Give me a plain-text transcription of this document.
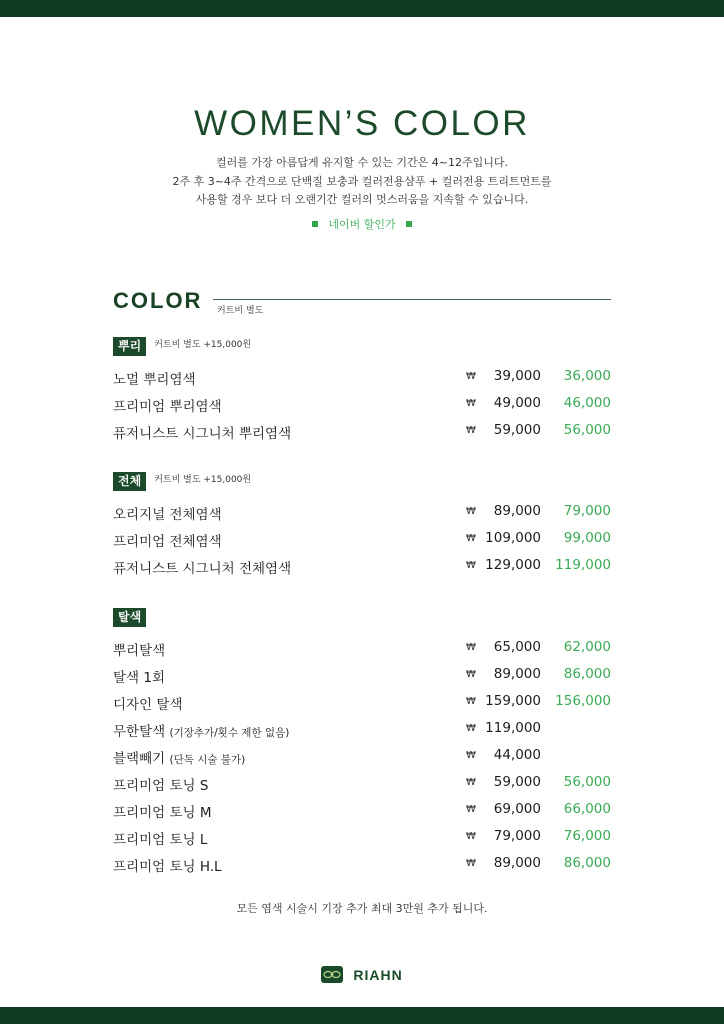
WOMEN’S COLOR
컬러를 가장 아름답게 유지할 수 있는 기간은 4~12주입니다.
2주 후 3~4주 간격으로 단백질 보충과 컬러전용샴푸 + 컬러전용 트리트먼트를
사용할 경우 보다 더 오랜기간 컬러의 멋스러움을 지속할 수 있습니다.
네이버 할인가
COLOR 커트비 별도
뿌리 커트비 별도 +15,000원
노멀 뿌리염색	₩ 39,000 36,000
프리미엄 뿌리염색	₩ 49,000 46,000
퓨저니스트 시그니처 뿌리염색	₩ 59,000 56,000
전체 커트비 별도 +15,000원
오리지널 전체염색	₩ 89,000 79,000
프리미엄 전체염색	₩ 109,000 99,000
퓨저니스트 시그니처 전체염색	₩ 129,000 119,000
탈색
뿌리탈색	₩ 65,000 62,000
탈색 1회	₩ 89,000 86,000
디자인 탈색	₩ 159,000 156,000
무한탈색 (기장추가/횟수 제한 없음)	₩ 119,000
블랙빼기 (단독 시술 불가)	₩ 44,000
프리미엄 토닝 S	₩ 59,000 56,000
프리미엄 토닝 M	₩ 69,000 66,000
프리미엄 토닝 L	₩ 79,000 76,000
프리미엄 토닝 H.L	₩ 89,000 86,000
모든 염색 시술시 기장 추가 최대 3만원 추가 됩니다.
RIAHN
